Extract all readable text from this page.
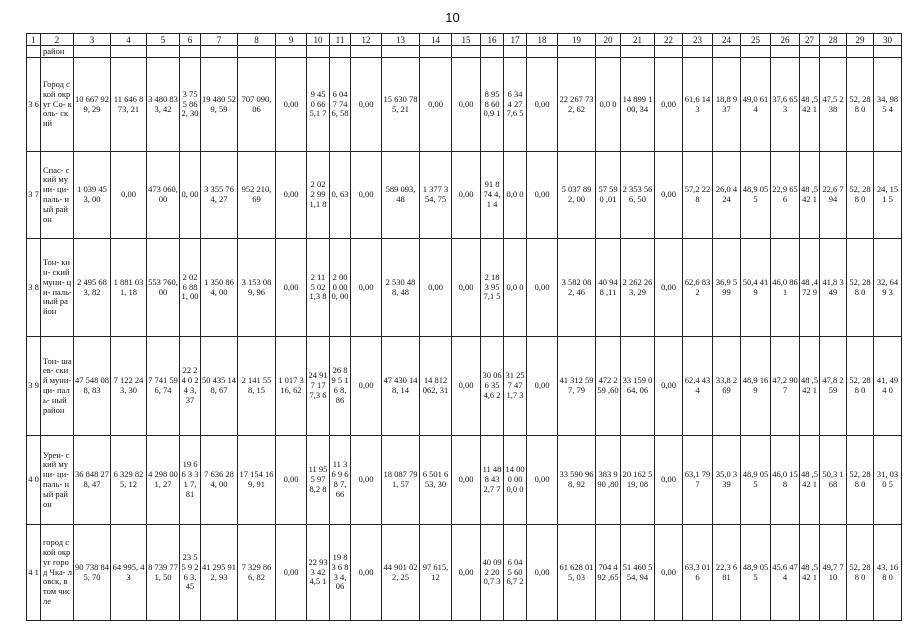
10
1	2	3	4	5	6	7	8	9	10	11	12	13	14	15	16	17	18	19	20	21	22	23	24	25	26	27	28	29	30
	район																												
3 6	Город ской округ Со- коль- ский	10 667 929, 29	11 646 873, 21	3 480 833, 42	3 75 5 86 2, 30	19 480 529, 59	707 090, 06	0,00	9 45 0 66 5,1 7	6 04 7 74 6, 58	0,00	15 630 785, 21	0,00	0,00	8 95 8 60 0,9 1	6 34 4 27 7,6 5	0,00	22 267 732, 62	0,0 0	14 899 100, 34	0,00	61,6 143	18,8 937	49,0 614	37,6 653	48 ,5 42 1	47,5 238	52, 288 0	34, 985 4
3 7	Спас- ский муни- ци- паль- ный район	1 039 453, 00	0,00	473 060, 00	0, 00	3 355 764, 27	952 210, 69	0,00	2 02 2 99 1,1 8	0, 63	0,00	589 093, 48	1 377 354, 75	0,00	91 8 74 4,1 4	0,0 0	0,00	5 037 892, 00	57 590 ,01	2 353 566, 50	0,00	57,2 228	26,0 424	48,9 055	22,9 656	48 ,5 42 1	22,6 794	52, 288 0	24, 151 5
3 8	Тон- кин- ский муни- ци- паль- ный район	2 495 683, 82	1 881 031, 18	553 760, 00	2 02 6 88 1, 00	1 350 864, 00	3 153 089, 96	0,00	2 11 5 02 1,3 8	2 00 0 00 0, 00	0,00	2 530 488, 48	0,00	0,00	2 18 3 95 7,1 5	0,0 0	0,00	3 582 082, 46	40 948 ,11	2 262 263, 29	0,00	62,6 832	36,9 599	50,4 419	46,0 861	48 ,4 72 9	41,8 349	52, 288 0	32, 649 3
3 9	Тон- шаев- ский муни- ци- паль- ный район	47 548 088, 83	7 122 243, 30	7 741 596, 74	22 24 0 24 3, 37	50 435 148, 67	2 141 558, 15	1 017 316, 62	24 91 7 17 7,3 6	26 89 5 16 8, 86	0,00	47 430 148, 14	14 812 062, 31	0,00	30 06 6 35 4,6 2	31 25 7 47 1,7 3	0,00	41 312 597, 79	472 259 ,60	33 159 064, 06	0,00	62,4 434	33,8 269	48,9 169	47,2 907	48 ,5 42 1	47,8 259	52, 288 0	41, 494 0
4 0	Урен- ский муни- ци- паль- ный район	36 848 278, 47	6 329 825, 12	4 298 001, 27	19 66 3 31 7, 81	7 636 284, 00	17 154 169, 91	0,00	11 95 5 97 8,2 8	11 36 9 68 7, 66	0,00	18 087 791, 57	6 501 653, 30	0,00	11 48 8 43 2,7 7	14 00 0 00 0,0 0	0,00	33 590 968, 92	383 990 ,80	20 162 519, 08	0,00	63,1 797	35,0 339	48,9 055	46,0 158	48 ,5 42 1	50,3 168	52, 288 0	31, 030 5
4 1	город ской округ город Чка- ловск, в том числе	90 738 845, 70	64 995, 43	8 739 771, 50	23 55 9 26 3, 45	41 295 912, 93	7 329 866, 82	0,00	22 93 3 42 4,5 1	19 83 6 83 4, 06	0,00	44 901 022, 25	97 615, 12	0,00	40 09 2 20 0,7 3	6 04 5 60 6,7 2	0,00	61 628 015, 03	704 492 ,65	51 460 554, 94	0,00	63,3 016	22,3 681	48,9 055	45,6 474	48 ,5 42 1	49,7 710	52, 288 0	43, 168 0
